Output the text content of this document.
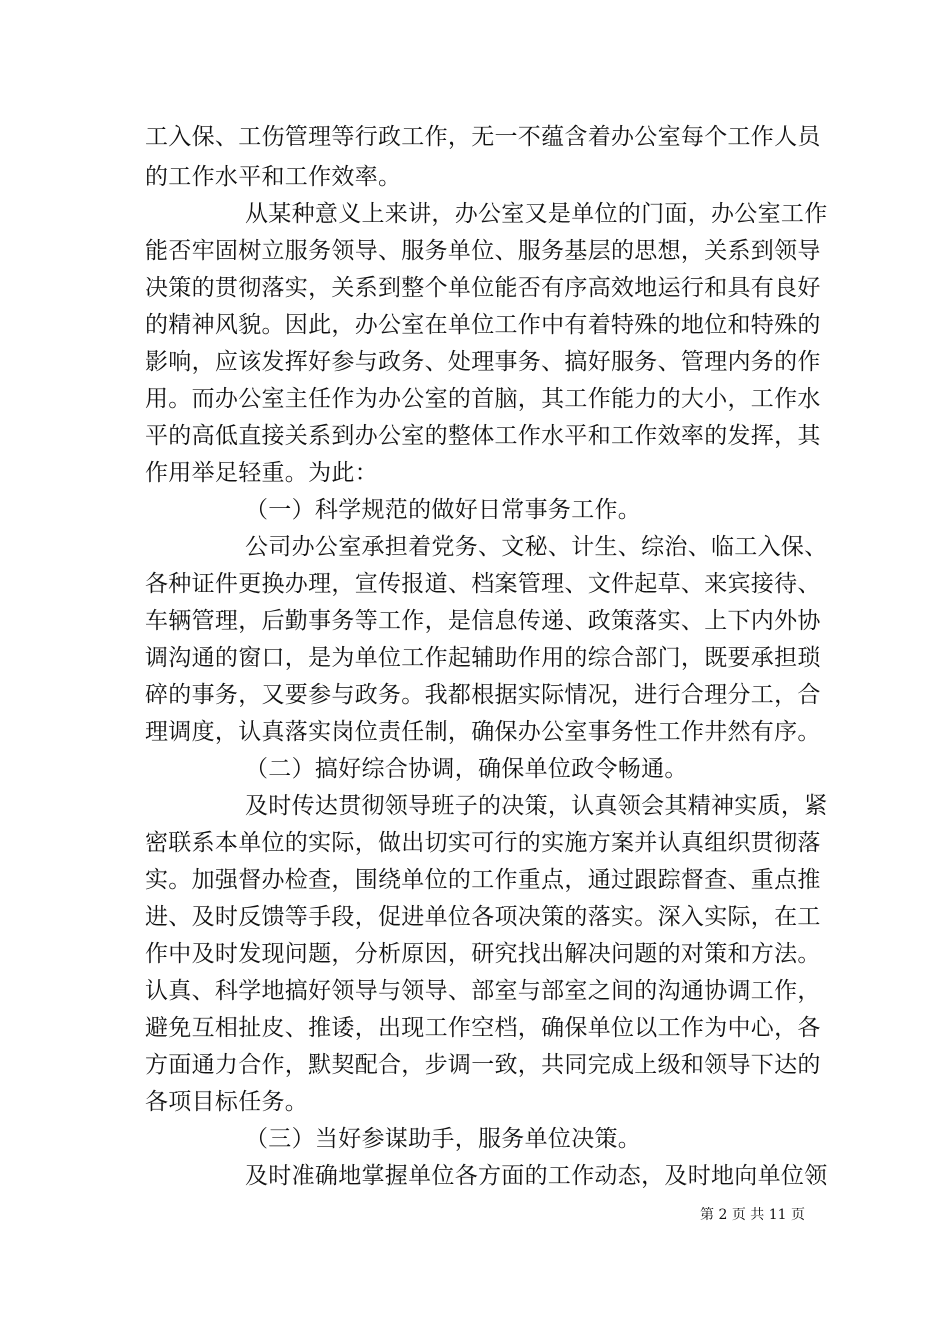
工入保、工伤管理等行政工作，无一不蕴含着办公室每个工作人员
的工作水平和工作效率。
从某种意义上来讲，办公室又是单位的门面，办公室工作
能否牢固树立服务领导、服务单位、服务基层的思想，关系到领导
决策的贯彻落实，关系到整个单位能否有序高效地运行和具有良好
的精神风貌。因此，办公室在单位工作中有着特殊的地位和特殊的
影响，应该发挥好参与政务、处理事务、搞好服务、管理内务的作
用。而办公室主任作为办公室的首脑，其工作能力的大小，工作水
平的高低直接关系到办公室的整体工作水平和工作效率的发挥，其
作用举足轻重。为此：
（一）科学规范的做好日常事务工作。
公司办公室承担着党务、文秘、计生、综治、临工入保、
各种证件更换办理，宣传报道、档案管理、文件起草、来宾接待、
车辆管理，后勤事务等工作，是信息传递、政策落实、上下内外协
调沟通的窗口，是为单位工作起辅助作用的综合部门，既要承担琐
碎的事务，又要参与政务。我都根据实际情况，进行合理分工，合
理调度，认真落实岗位责任制，确保办公室事务性工作井然有序。
（二）搞好综合协调，确保单位政令畅通。
及时传达贯彻领导班子的决策，认真领会其精神实质，紧
密联系本单位的实际，做出切实可行的实施方案并认真组织贯彻落
实。加强督办检查，围绕单位的工作重点，通过跟踪督查、重点推
进、及时反馈等手段，促进单位各项决策的落实。深入实际，在工
作中及时发现问题，分析原因，研究找出解决问题的对策和方法。
认真、科学地搞好领导与领导、部室与部室之间的沟通协调工作，
避免互相扯皮、推诿，出现工作空档，确保单位以工作为中心，各
方面通力合作，默契配合，步调一致，共同完成上级和领导下达的
各项目标任务。
（三）当好参谋助手，服务单位决策。
及时准确地掌握单位各方面的工作动态，及时地向单位领
第 2 页 共 11 页
